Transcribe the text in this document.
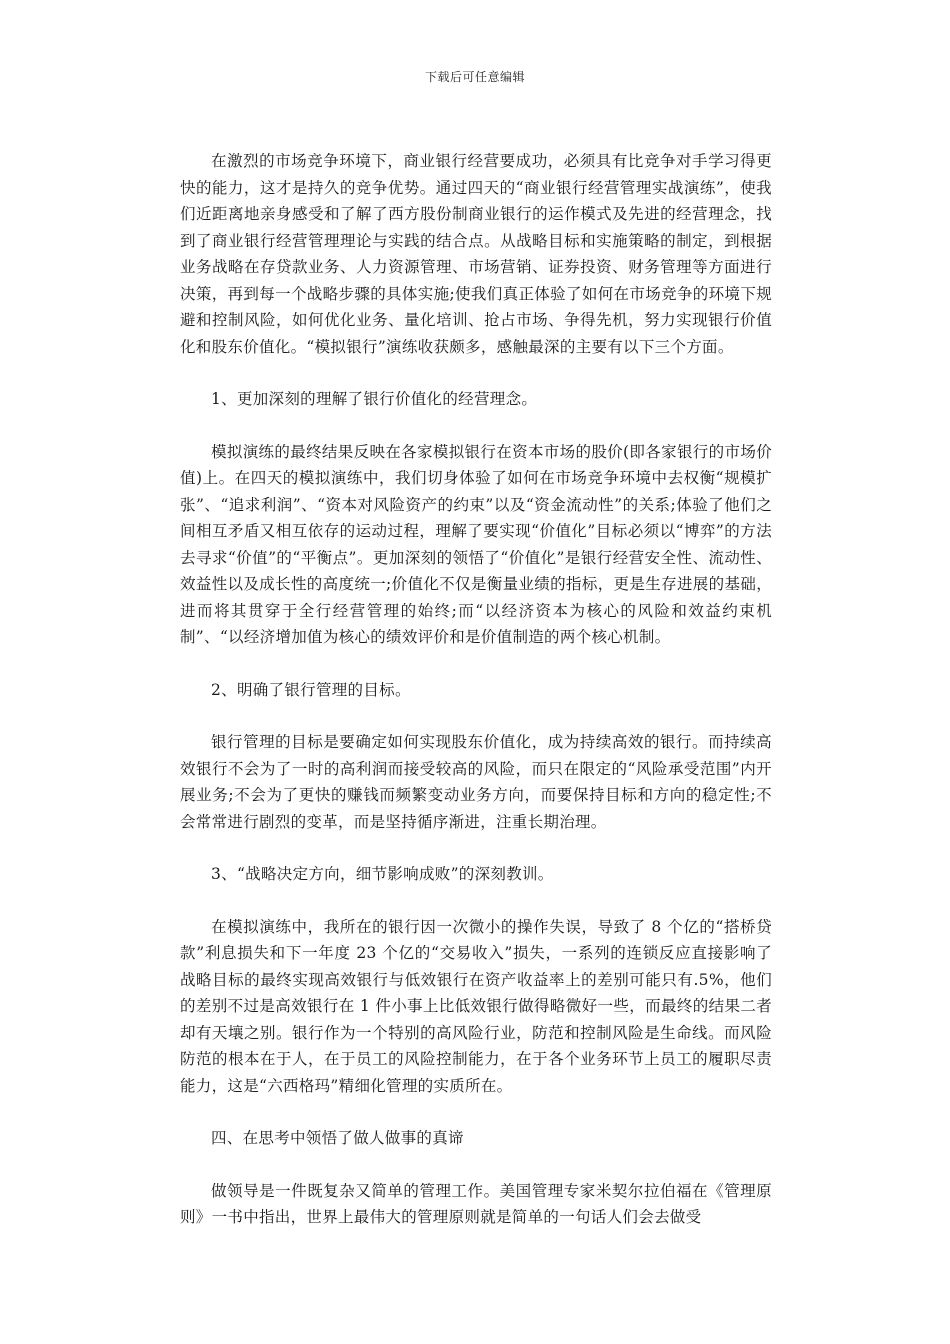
下载后可任意编辑

在激烈的市场竞争环境下，商业银行经营要成功，必须具有比竞争对手学习得更快的能力，这才是持久的竞争优势。通过四天的“商业银行经营管理实战演练”，使我们近距离地亲身感受和了解了西方股份制商业银行的运作模式及先进的经营理念，找到了商业银行经营管理理论与实践的结合点。从战略目标和实施策略的制定，到根据业务战略在存贷款业务、人力资源管理、市场营销、证券投资、财务管理等方面进行决策，再到每一个战略步骤的具体实施;使我们真正体验了如何在市场竞争的环境下规避和控制风险，如何优化业务、量化培训、抢占市场、争得先机，努力实现银行价值化和股东价值化。“模拟银行”演练收获颇多，感触最深的主要有以下三个方面。

1、更加深刻的理解了银行价值化的经营理念。

模拟演练的最终结果反映在各家模拟银行在资本市场的股价(即各家银行的市场价值)上。在四天的模拟演练中，我们切身体验了如何在市场竞争环境中去权衡“规模扩张”、“追求利润”、“资本对风险资产的约束”以及“资金流动性”的关系;体验了他们之间相互矛盾又相互依存的运动过程，理解了要实现“价值化”目标必须以“博弈”的方法去寻求“价值”的“平衡点”。更加深刻的领悟了“价值化”是银行经营安全性、流动性、效益性以及成长性的高度统一;价值化不仅是衡量业绩的指标，更是生存进展的基础，进而将其贯穿于全行经营管理的始终;而“以经济资本为核心的风险和效益约束机制”、“以经济增加值为核心的绩效评价和是价值制造的两个核心机制。

2、明确了银行管理的目标。

银行管理的目标是要确定如何实现股东价值化，成为持续高效的银行。而持续高效银行不会为了一时的高利润而接受较高的风险，而只在限定的“风险承受范围”内开展业务;不会为了更快的赚钱而频繁变动业务方向，而要保持目标和方向的稳定性;不会常常进行剧烈的变革，而是坚持循序渐进，注重长期治理。

3、“战略决定方向，细节影响成败”的深刻教训。

在模拟演练中，我所在的银行因一次微小的操作失误，导致了 8 个亿的“搭桥贷款”利息损失和下一年度 23 个亿的“交易收入”损失，一系列的连锁反应直接影响了战略目标的最终实现高效银行与低效银行在资产收益率上的差别可能只有.5%，他们的差别不过是高效银行在 1 件小事上比低效银行做得略微好一些，而最终的结果二者却有天壤之别。银行作为一个特别的高风险行业，防范和控制风险是生命线。而风险防范的根本在于人，在于员工的风险控制能力，在于各个业务环节上员工的履职尽责能力，这是“六西格玛”精细化管理的实质所在。

四、在思考中领悟了做人做事的真谛

做领导是一件既复杂又简单的管理工作。美国管理专家米契尔拉伯福在《管理原则》一书中指出，世界上最伟大的管理原则就是简单的一句话人们会去做受
